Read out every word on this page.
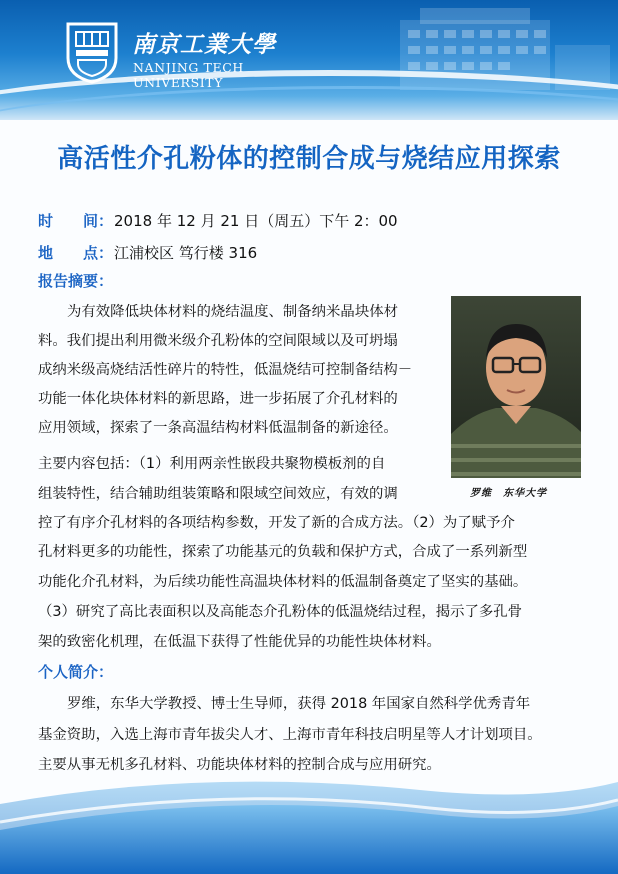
南京工業大學
NANJING TECH
UNIVERSITY
高活性介孔粉体的控制合成与烧结应用探索
时　　间：2018 年 12 月 21 日（周五）下午 2：00
地　　点：江浦校区 笃行楼 316
报告摘要：
为有效降低块体材料的烧结温度、制备纳米晶块体材
料。我们提出利用微米级介孔粉体的空间限域以及可坍塌
成纳米级高烧结活性碎片的特性，低温烧结可控制备结构－
功能一体化块体材料的新思路，进一步拓展了介孔材料的
应用领域，探索了一条高温结构材料低温制备的新途径。
主要内容包括：（1）利用两亲性嵌段共聚物模板剂的自
组装特性，结合辅助组装策略和限域空间效应，有效的调
控了有序介孔材料的各项结构参数，开发了新的合成方法。（2）为了赋予介
孔材料更多的功能性，探索了功能基元的负载和保护方式，合成了一系列新型
功能化介孔材料，为后续功能性高温块体材料的低温制备奠定了坚实的基础。
（3）研究了高比表面积以及高能态介孔粉体的低温烧结过程，揭示了多孔骨
架的致密化机理，在低温下获得了性能优异的功能性块体材料。
罗维　东华大学
个人简介：
罗维，东华大学教授、博士生导师，获得 2018 年国家自然科学优秀青年
基金资助，入选上海市青年拔尖人才、上海市青年科技启明星等人才计划项目。
主要从事无机多孔材料、功能块体材料的控制合成与应用研究。
